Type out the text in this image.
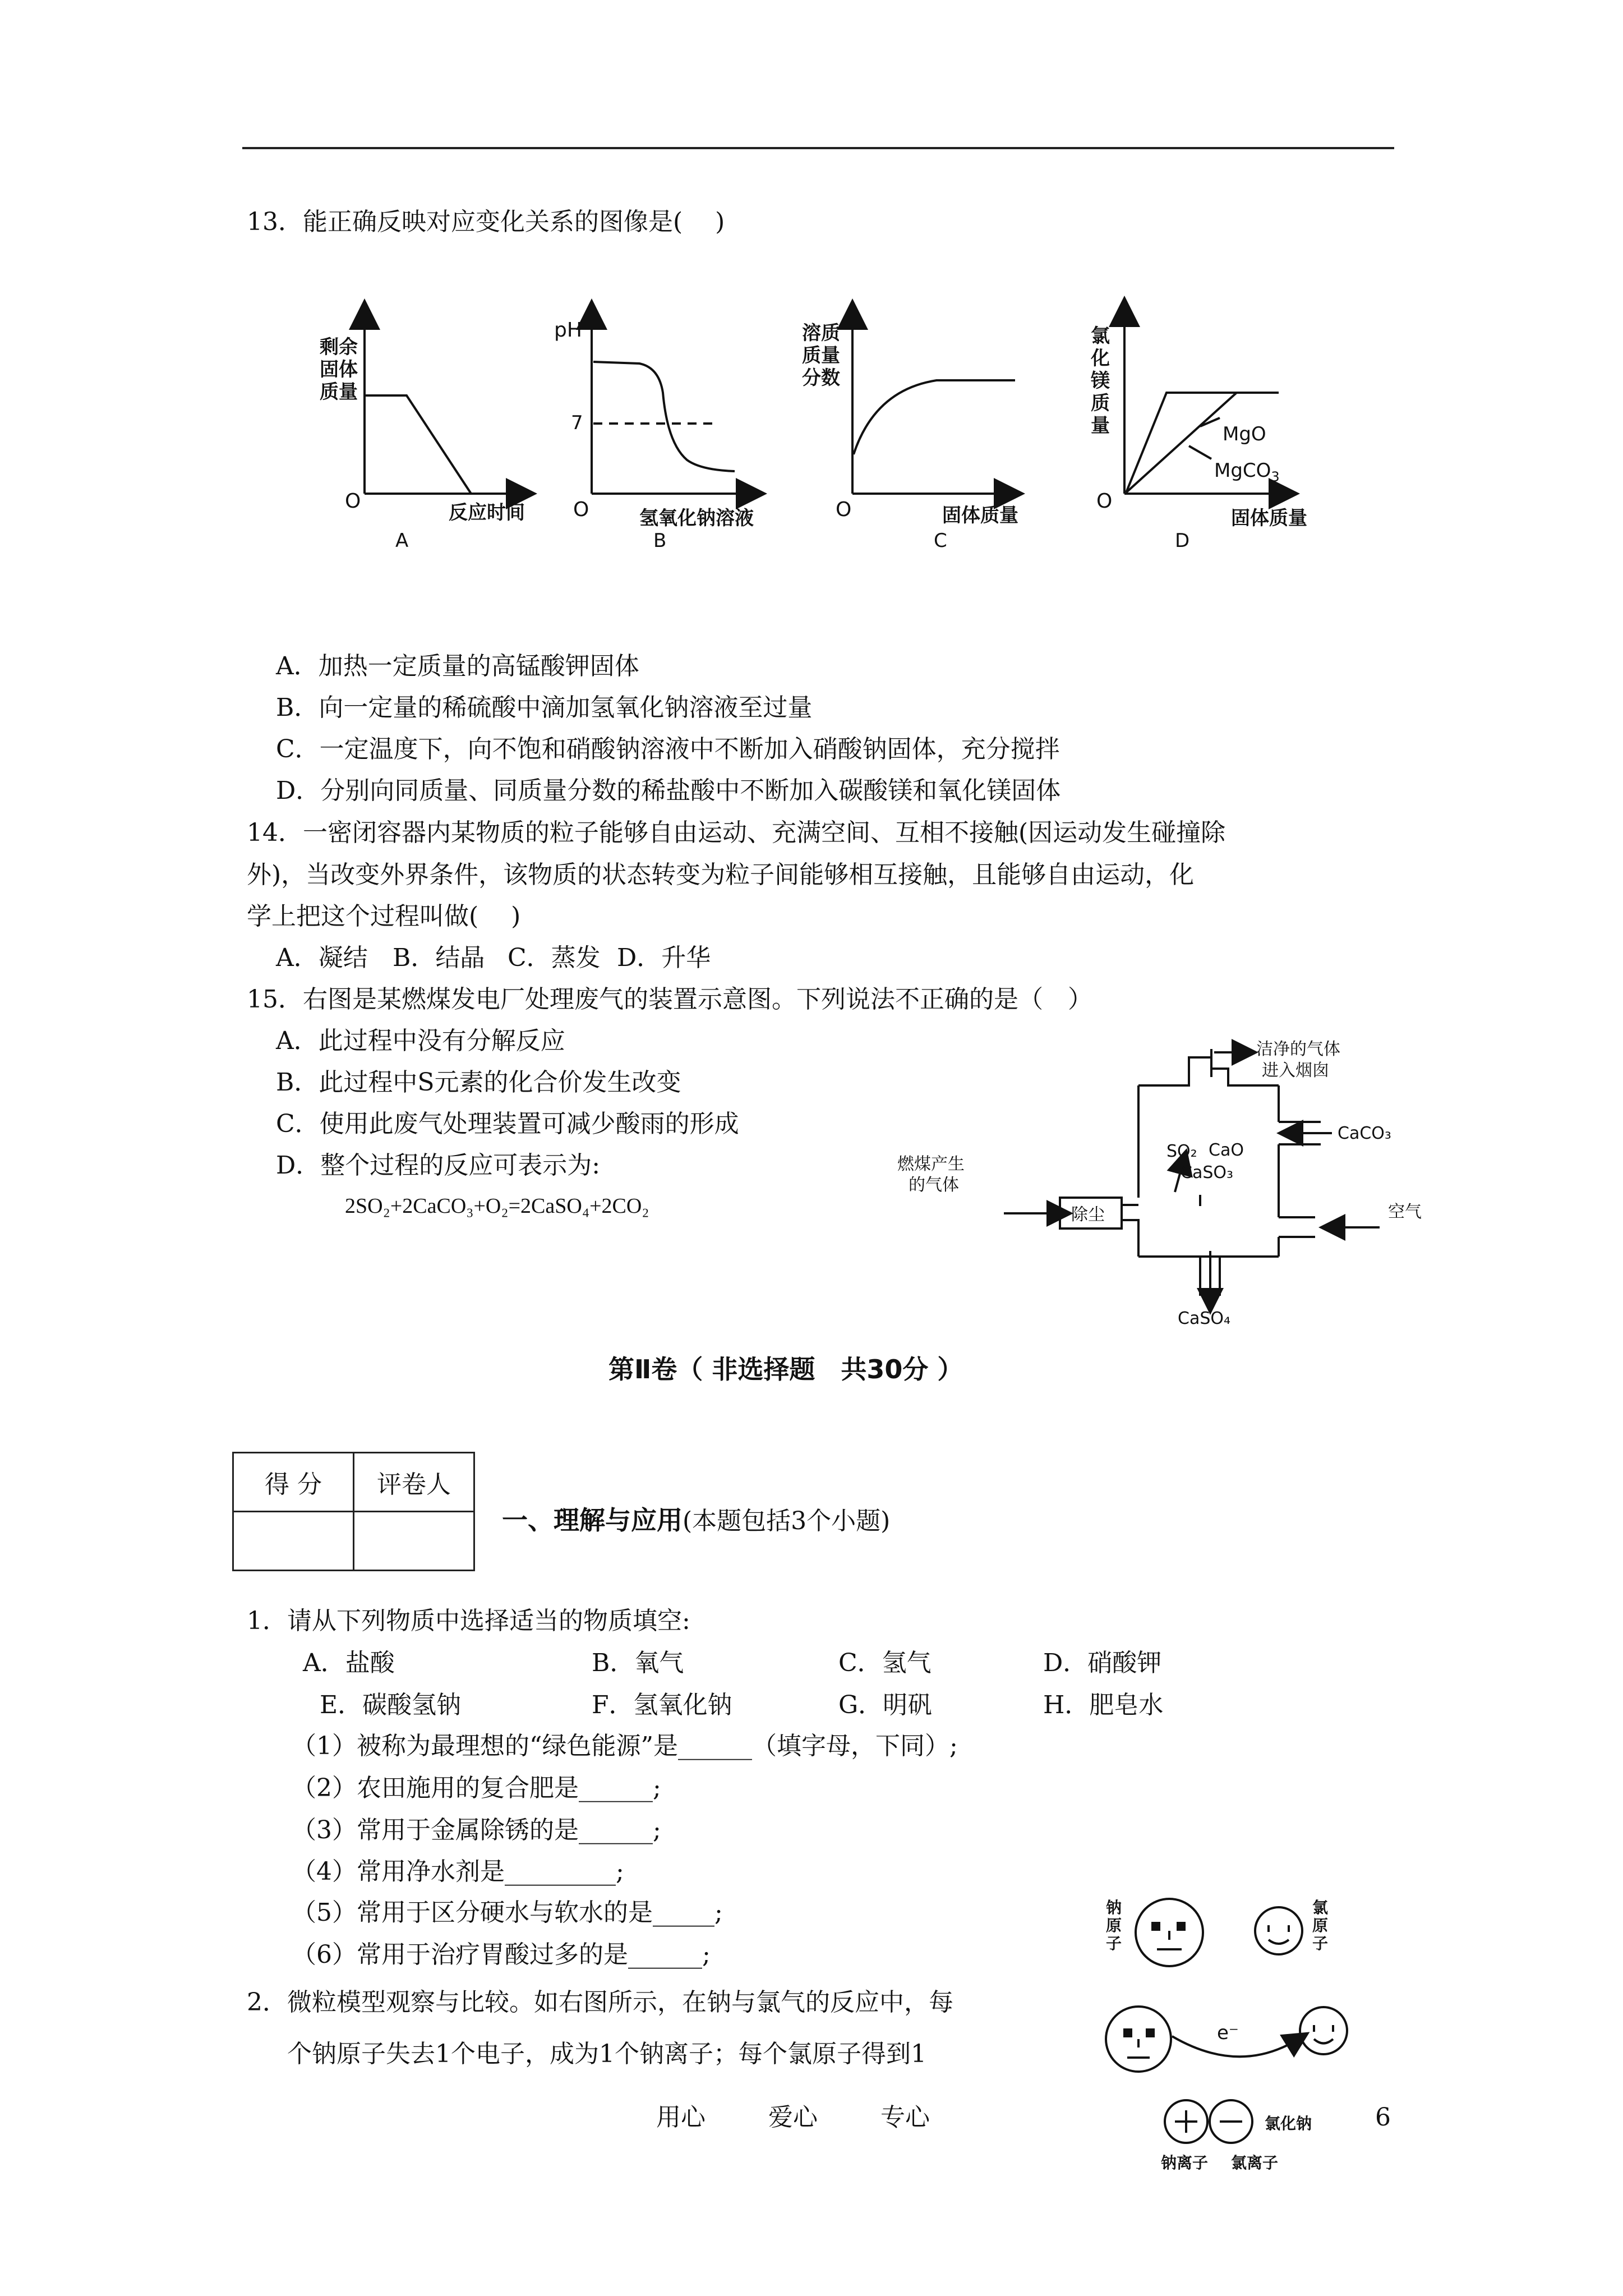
13．能正确反映对应变化关系的图像是(　 )
剩余
固体
质量
O	反应时间
A
pH
7
O	氢氧化钠溶液
B
溶质
质量
分数
O	固体质量
C
氯
化
镁
质
量
O
固体质量
D
MgO
MgCO$_3$
A．加热一定质量的高锰酸钾固体
B．向一定量的稀硫酸中滴加氢氧化钠溶液至过量
C．一定温度下，向不饱和硝酸钠溶液中不断加入硝酸钠固体，充分搅拌
D．分别向同质量、同质量分数的稀盐酸中不断加入碳酸镁和氧化镁固体
14．一密闭容器内某物质的粒子能够自由运动、充满空间、互相不接触(因运动发生碰撞除
外)，当改变外界条件，该物质的状态转变为粒子间能够相互接触，且能够自由运动，化
学上把这个过程叫做(　 )
A．凝结 B．结晶 C．蒸发 D．升华
15．右图是某燃煤发电厂处理废气的装置示意图。下列说法不正确的是（　）
A．此过程中没有分解反应
B．此过程中S元素的化合价发生改变
C．使用此废气处理装置可减少酸雨的形成
D．整个过程的反应可表示为:
2SO₂+2CaCO₃+O₂=2CaSO₄+2CO₂
洁净的气体
进入烟囱
燃煤产生
的气体
除尘
CaCO₃
空气
SO₂ CaO
CaSO₃
CaSO₄
第Ⅱ卷（ 非选择题　共30分 ）
得 分	评卷人

一、理解与应用(本题包括3个小题)
1．请从下列物质中选择适当的物质填空:
A．盐酸	B．氧气	C．氢气	D．硝酸钾
E．碳酸氢钠	F．氢氧化钠	G．明矾	H．肥皂水
（1）被称为最理想的“绿色能源”是______（填字母，下同）;
（2）农田施用的复合肥是______;
（3）常用于金属除锈的是______;
（4）常用净水剂是_________;
（5）常用于区分硬水与软水的是_____;
（6）常用于治疗胃酸过多的是______;
2．微粒模型观察与比较。如右图所示，在钠与氯气的反应中，每
个钠原子失去1个电子，成为1个钠离子；每个氯原子得到1
钠
原
子
氯
原
子
e⁻
氯化钠
钠离子 氯离子
用心	爱心	专心	6
